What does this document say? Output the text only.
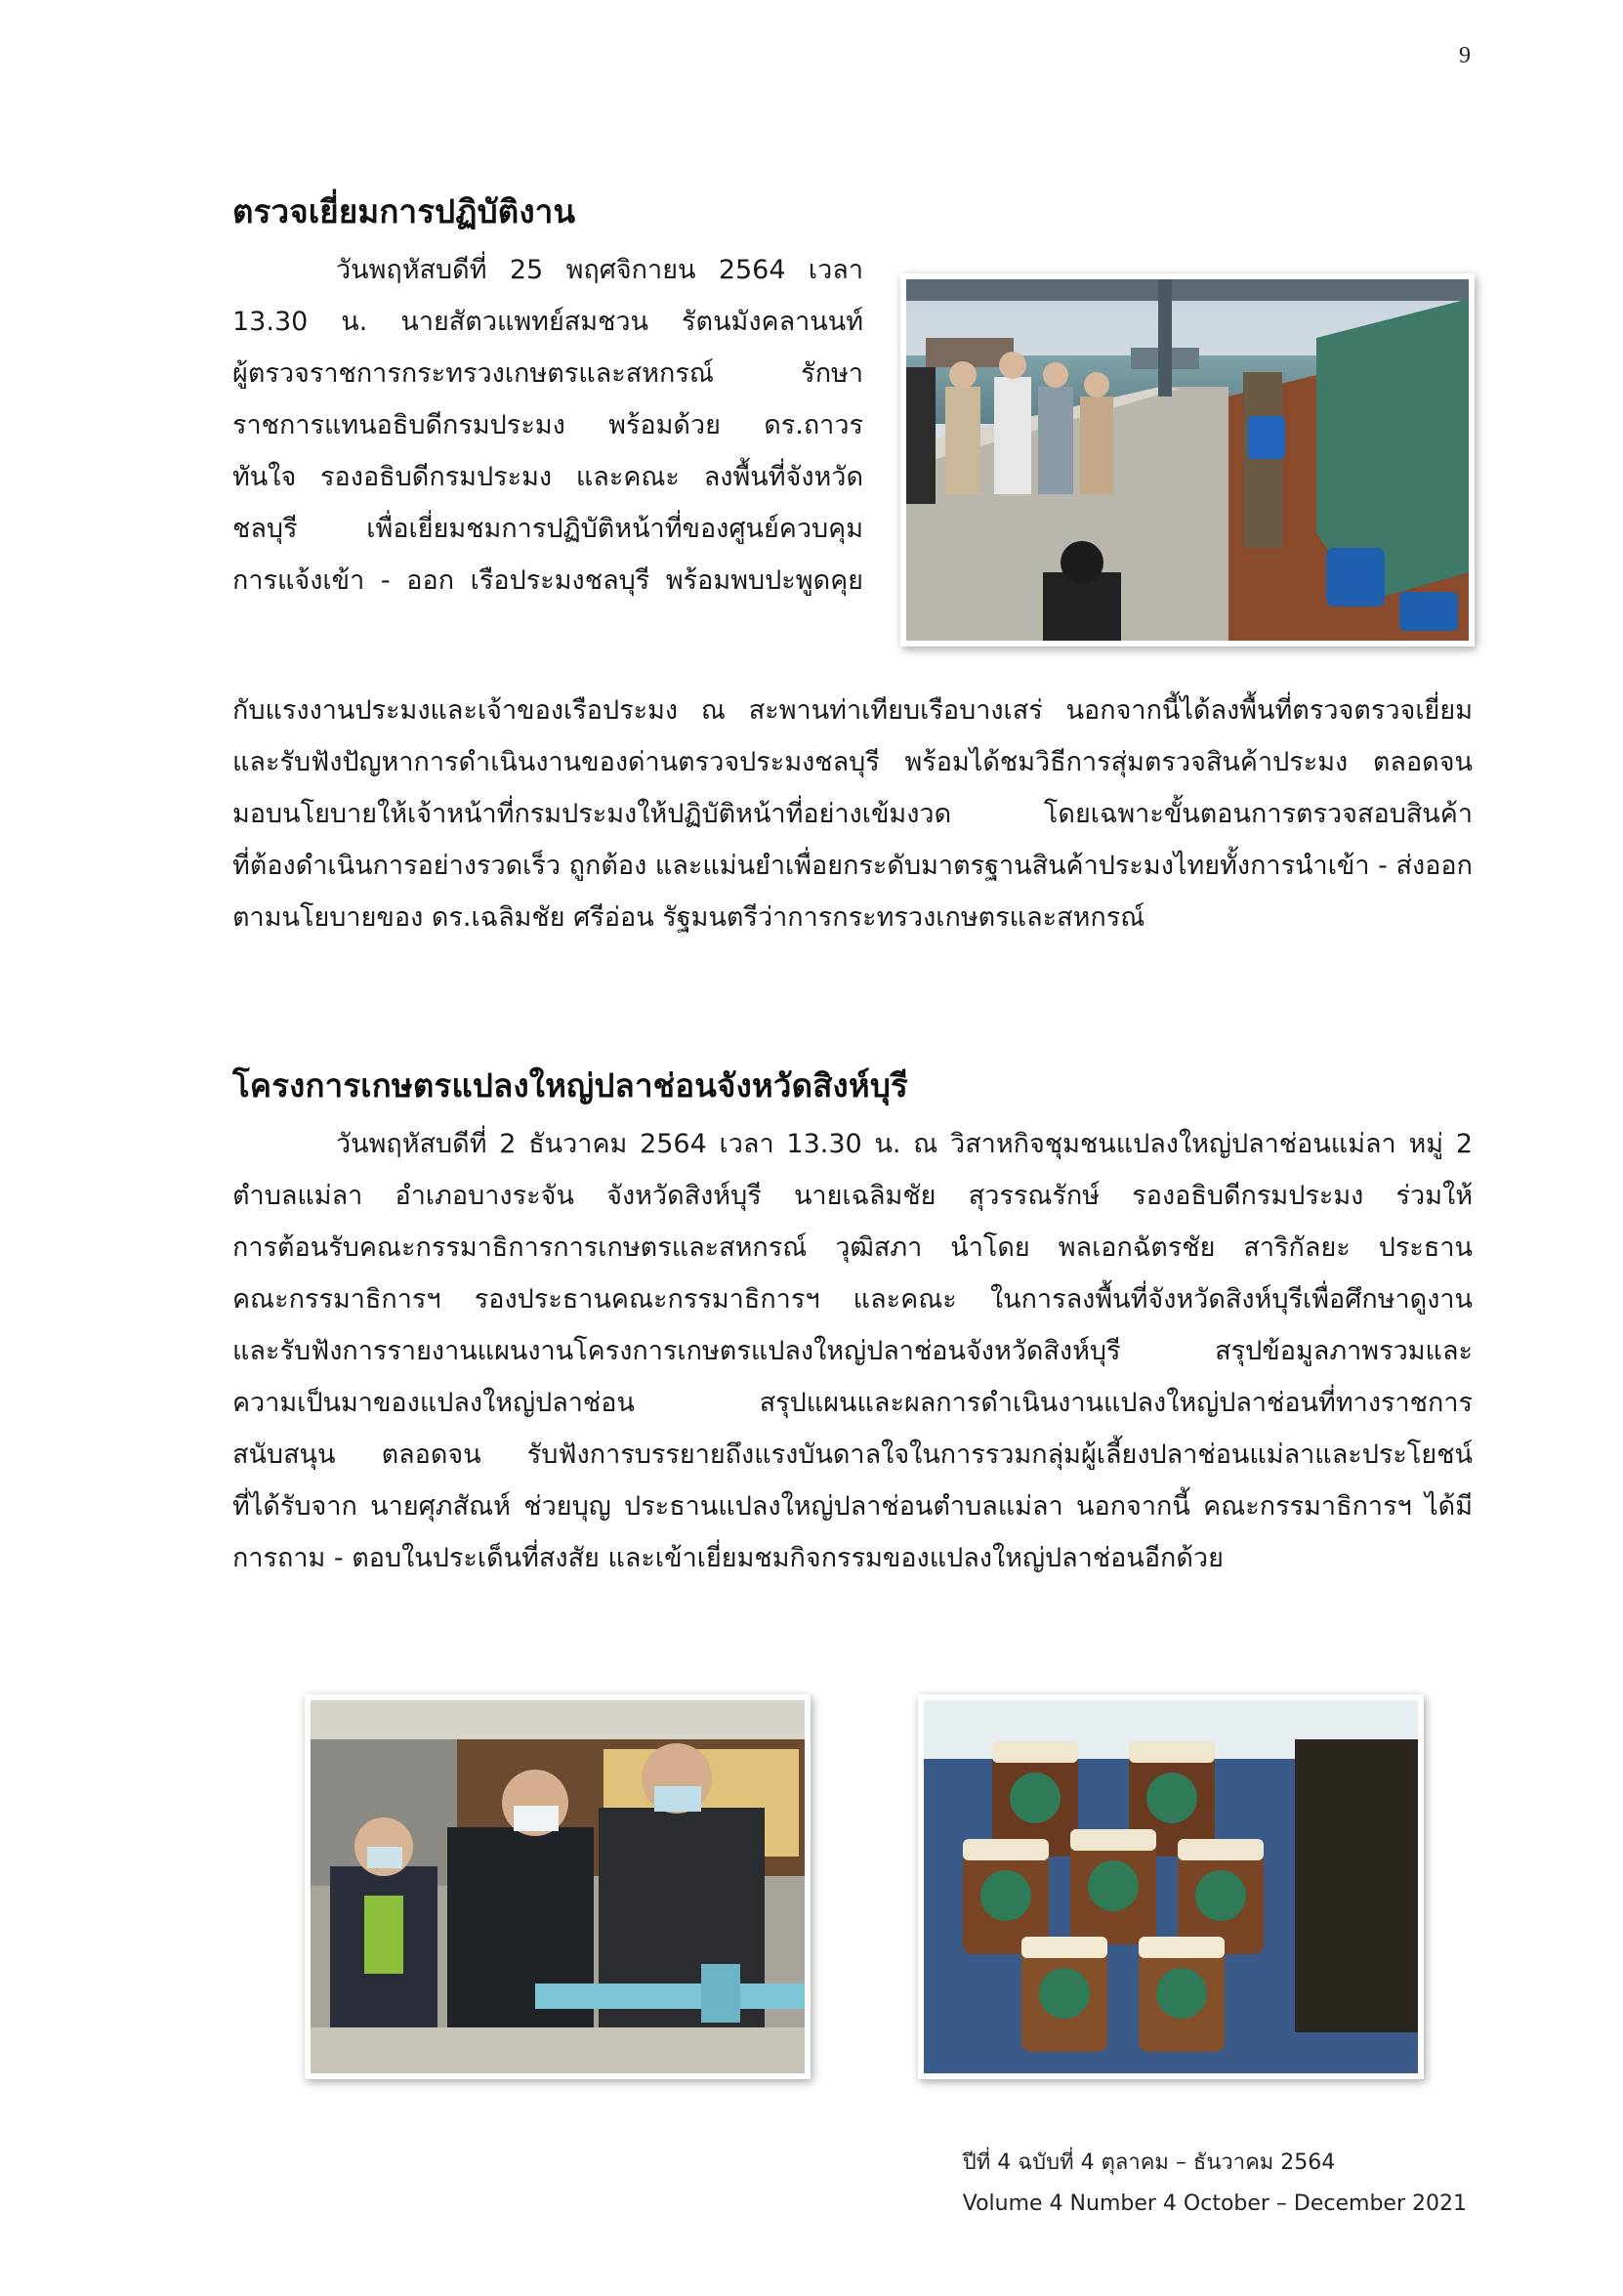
9
ตรวจเยี่ยมการปฏิบัติงาน
วันพฤหัสบดีที่ 25 พฤศจิกายน 2564 เวลา
13.30 น. นายสัตวแพทย์สมชวน รัตนมังคลานนท์
ผู้ตรวจราชการกระทรวงเกษตรและสหกรณ์ รักษา
ราชการแทนอธิบดีกรมประมง พร้อมด้วย ดร.ถาวร
ทันใจ รองอธิบดีกรมประมง และคณะ ลงพื้นที่จังหวัด
ชลบุรี เพื่อเยี่ยมชมการปฏิบัติหน้าที่ของศูนย์ควบคุม
การแจ้งเข้า - ออก เรือประมงชลบุรี พร้อมพบปะพูดคุย
กับแรงงานประมงและเจ้าของเรือประมง ณ สะพานท่าเทียบเรือบางเสร่ นอกจากนี้ได้ลงพื้นที่ตรวจตรวจเยี่ยม
และรับฟังปัญหาการดำเนินงานของด่านตรวจประมงชลบุรี พร้อมได้ชมวิธีการสุ่มตรวจสินค้าประมง ตลอดจน
มอบนโยบายให้เจ้าหน้าที่กรมประมงให้ปฏิบัติหน้าที่อย่างเข้มงวด โดยเฉพาะขั้นตอนการตรวจสอบสินค้า
ที่ต้องดำเนินการอย่างรวดเร็ว ถูกต้อง และแม่นยำเพื่อยกระดับมาตรฐานสินค้าประมงไทยทั้งการนำเข้า - ส่งออก
ตามนโยบายของ ดร.เฉลิมชัย ศรีอ่อน รัฐมนตรีว่าการกระทรวงเกษตรและสหกรณ์
โครงการเกษตรแปลงใหญ่ปลาช่อนจังหวัดสิงห์บุรี
วันพฤหัสบดีที่ 2 ธันวาคม 2564 เวลา 13.30 น. ณ วิสาหกิจชุมชนแปลงใหญ่ปลาช่อนแม่ลา หมู่ 2
ตำบลแม่ลา อำเภอบางระจัน จังหวัดสิงห์บุรี นายเฉลิมชัย สุวรรณรักษ์ รองอธิบดีกรมประมง ร่วมให้
การต้อนรับคณะกรรมาธิการการเกษตรและสหกรณ์ วุฒิสภา นำโดย พลเอกฉัตรชัย สาริกัลยะ ประธาน
คณะกรรมาธิการฯ รองประธานคณะกรรมาธิการฯ และคณะ ในการลงพื้นที่จังหวัดสิงห์บุรีเพื่อศึกษาดูงาน
และรับฟังการรายงานแผนงานโครงการเกษตรแปลงใหญ่ปลาช่อนจังหวัดสิงห์บุรี สรุปข้อมูลภาพรวมและ
ความเป็นมาของแปลงใหญ่ปลาช่อน สรุปแผนและผลการดำเนินงานแปลงใหญ่ปลาช่อนที่ทางราชการ
สนับสนุน ตลอดจน รับฟังการบรรยายถึงแรงบันดาลใจในการรวมกลุ่มผู้เลี้ยงปลาช่อนแม่ลาและประโยชน์
ที่ได้รับจาก นายศุภสัณห์ ช่วยบุญ ประธานแปลงใหญ่ปลาช่อนตำบลแม่ลา นอกจากนี้ คณะกรรมาธิการฯ ได้มี
การถาม - ตอบในประเด็นที่สงสัย และเข้าเยี่ยมชมกิจกรรมของแปลงใหญ่ปลาช่อนอีกด้วย
ปีที่ 4 ฉบับที่ 4 ตุลาคม – ธันวาคม 2564
Volume 4 Number 4 October – December 2021
